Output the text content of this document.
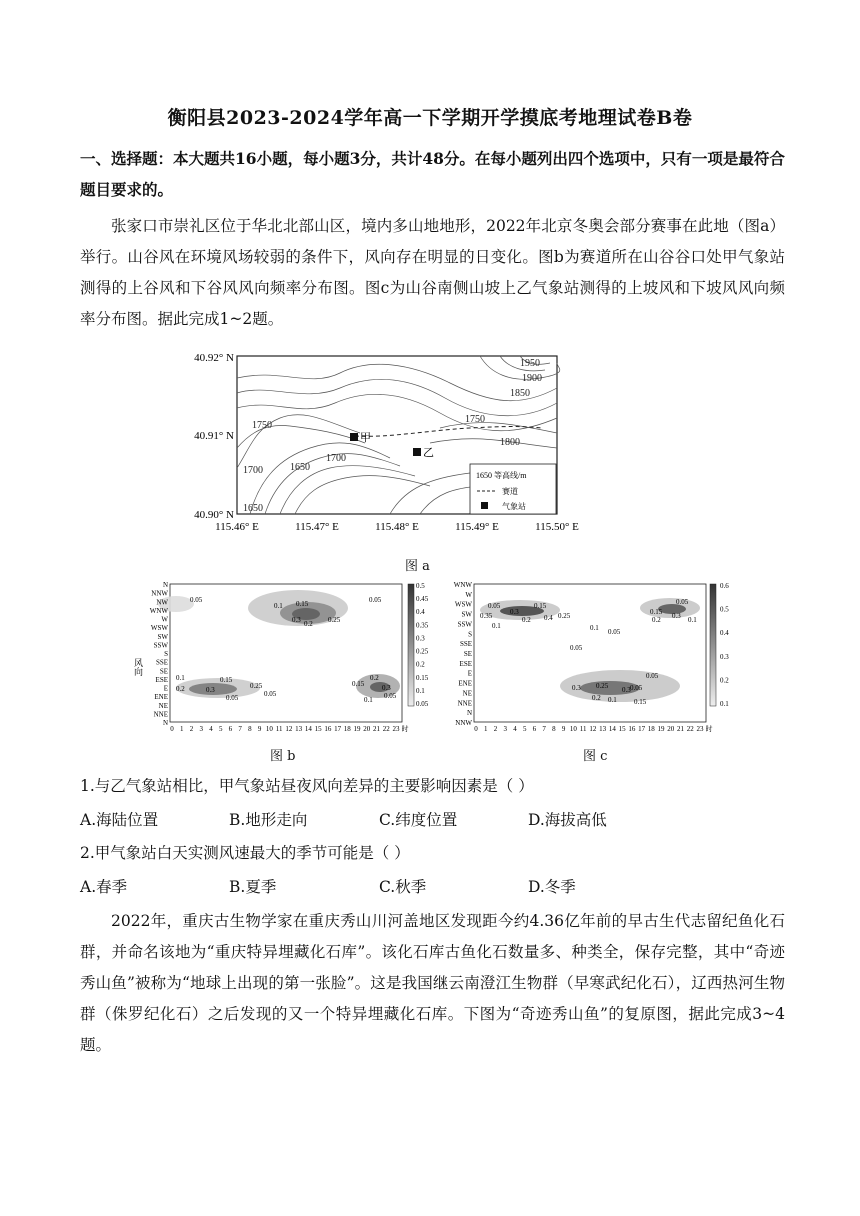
衡阳县2023-2024学年高一下学期开学摸底考地理试卷B卷
一、选择题：本大题共16小题，每小题3分，共计48分。在每小题列出四个选项中，只有一项是最符合题目要求的。
张家口市崇礼区位于华北北部山区，境内多山地地形，2022年北京冬奥会部分赛事在此地（图a）举行。山谷风在环境风场较弱的条件下，风向存在明显的日变化。图b为赛道所在山谷谷口处甲气象站测得的上谷风和下谷风风向频率分布图。图c为山谷南侧山坡上乙气象站测得的上坡风和下坡风风向频率分布图。据此完成1~2题。
甲
乙
1950
1900
1850
1750
1750
1800
1650
1700
1700
1650
1650 等高线/m
赛道
气象站
40.92° N
40.91° N
40.90° N
115.46° E	115.47° E	115.48° E	115.49° E	115.50° E
图 a
风向
N
NNW
NW
WNW
W
WSW
SW
SSW
S
SSE
SE
ESE
E
ENE
NE
NNE
N
0 1 2 3 4 5 6 7 8 9 10 11 12 13 14 15 16 17 18 19 20 21 22 23 时
0.05
0.1 0.15
0.3 0.2 0.25
0.05
0.1
0.2	0.3
0.15
0.25
0.05	0.05
0.15
0.2
0.3
0.05
0.1
0.5
0.45
0.4
0.35
0.3
0.25
0.2
0.15
0.1
0.05
图 b
WNW
W
WSW
SW
SSW
S
SSE
SE
ESE
E
ENE
NE
NNE
N
NNW
0 1 2 3 4 5 6 7 8 9 10 11 12 13 14 15 16 17 18 19 20 21 22 23 时
0.05
0.3
0.15
0.35	0.2 0.4 0.25
0.1	0.1 0.05
0.05
0.15
0.05
0.2 0.3 0.1
0.05
0.3 0.25 0.3 0.05
0.2 0.1 0.15
0.6
0.5
0.4
0.3
0.2
0.1
图 c
1.与乙气象站相比，甲气象站昼夜风向差异的主要影响因素是（ ）
A.海陆位置	B.地形走向	C.纬度位置	D.海拔高低
2.甲气象站白天实测风速最大的季节可能是（ ）
A.春季	B.夏季	C.秋季	D.冬季
2022年，重庆古生物学家在重庆秀山川河盖地区发现距今约4.36亿年前的早古生代志留纪鱼化石群，并命名该地为“重庆特异埋藏化石库”。该化石库古鱼化石数量多、种类全，保存完整，其中“奇迹秀山鱼”被称为“地球上出现的第一张脸”。这是我国继云南澄江生物群（早寒武纪化石），辽西热河生物群（侏罗纪化石）之后发现的又一个特异埋藏化石库。下图为“奇迹秀山鱼”的复原图，据此完成3~4题。
